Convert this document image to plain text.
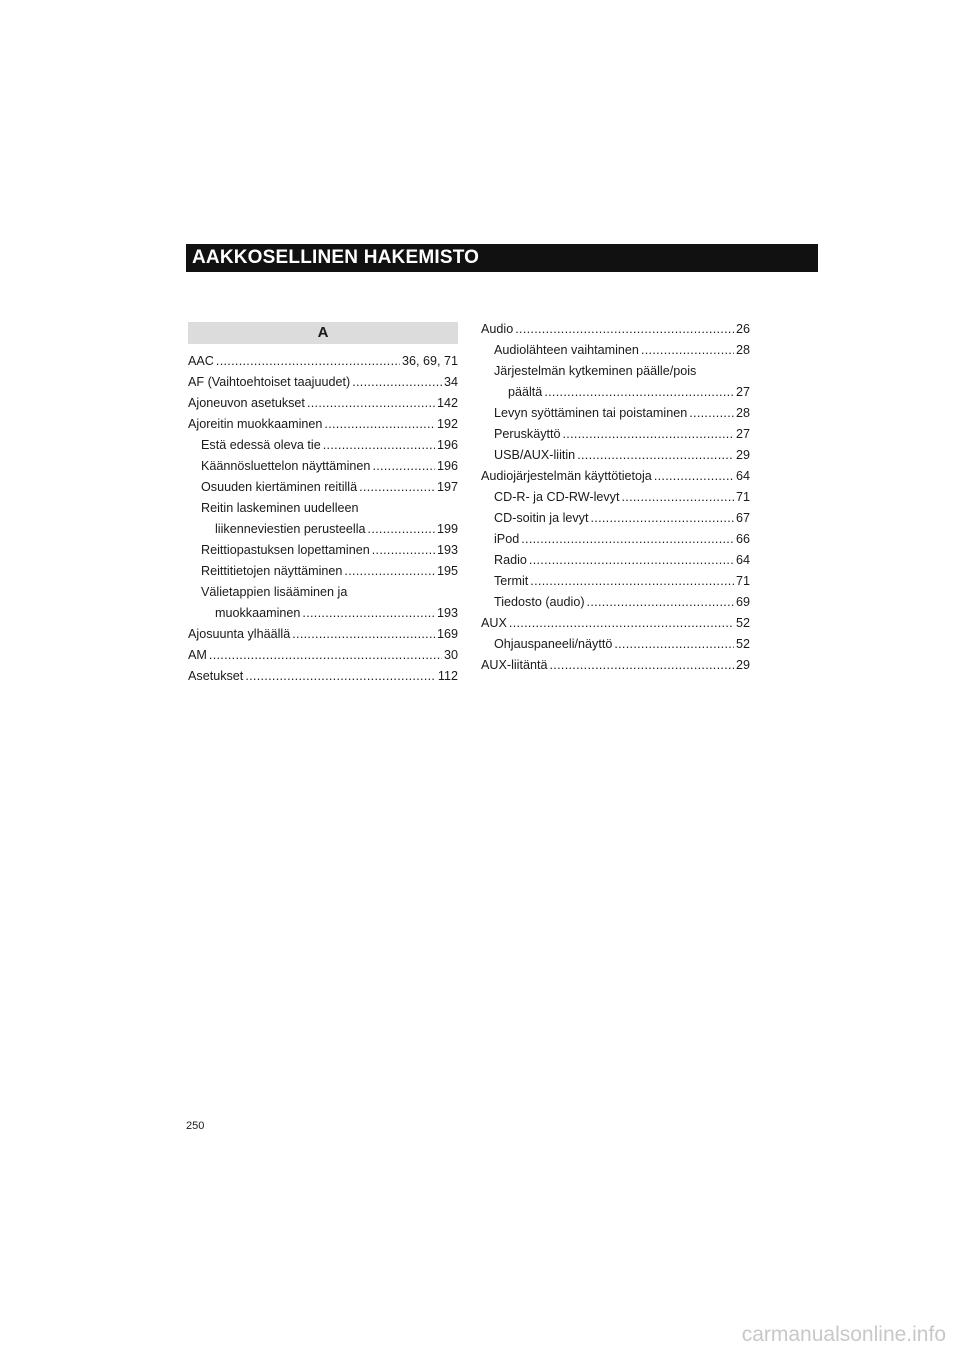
AAKKOSELLINEN HAKEMISTO
A
AAC . . .	36, 69, 71
AF (Vaihtoehtoiset taajuudet) . . .	34
Ajoneuvon asetukset . . .	142
Ajoreitin muokkaaminen . . .	192
Estä edessä oleva tie . . .	196
Käännösluettelon näyttäminen . . .	196
Osuuden kiertäminen reitillä . . .	197
Reitin laskeminen uudelleen
liikenneviestien perusteella . . .	199
Reittiopastuksen lopettaminen . . .	193
Reittitietojen näyttäminen . . .	195
Välietappien lisääminen ja
muokkaaminen . . .	193
Ajosuunta ylhäällä . . .	169
AM . . .	30
Asetukset . . .	112
Audio . . .	26
Audiolähteen vaihtaminen . . .	28
Järjestelmän kytkeminen päälle/pois
päältä . . .	27
Levyn syöttäminen tai poistaminen . . .	28
Peruskäyttö . . .	27
USB/AUX-liitin . . .	29
Audiojärjestelmän käyttötietoja . . .	64
CD-R- ja CD-RW-levyt . . .	71
CD-soitin ja levyt . . .	67
iPod . . .	66
Radio . . .	64
Termit . . .	71
Tiedosto (audio) . . .	69
AUX . . .	52
Ohjauspaneeli/näyttö . . .	52
AUX-liitäntä . . .	29
250
carmanualsonline.info
